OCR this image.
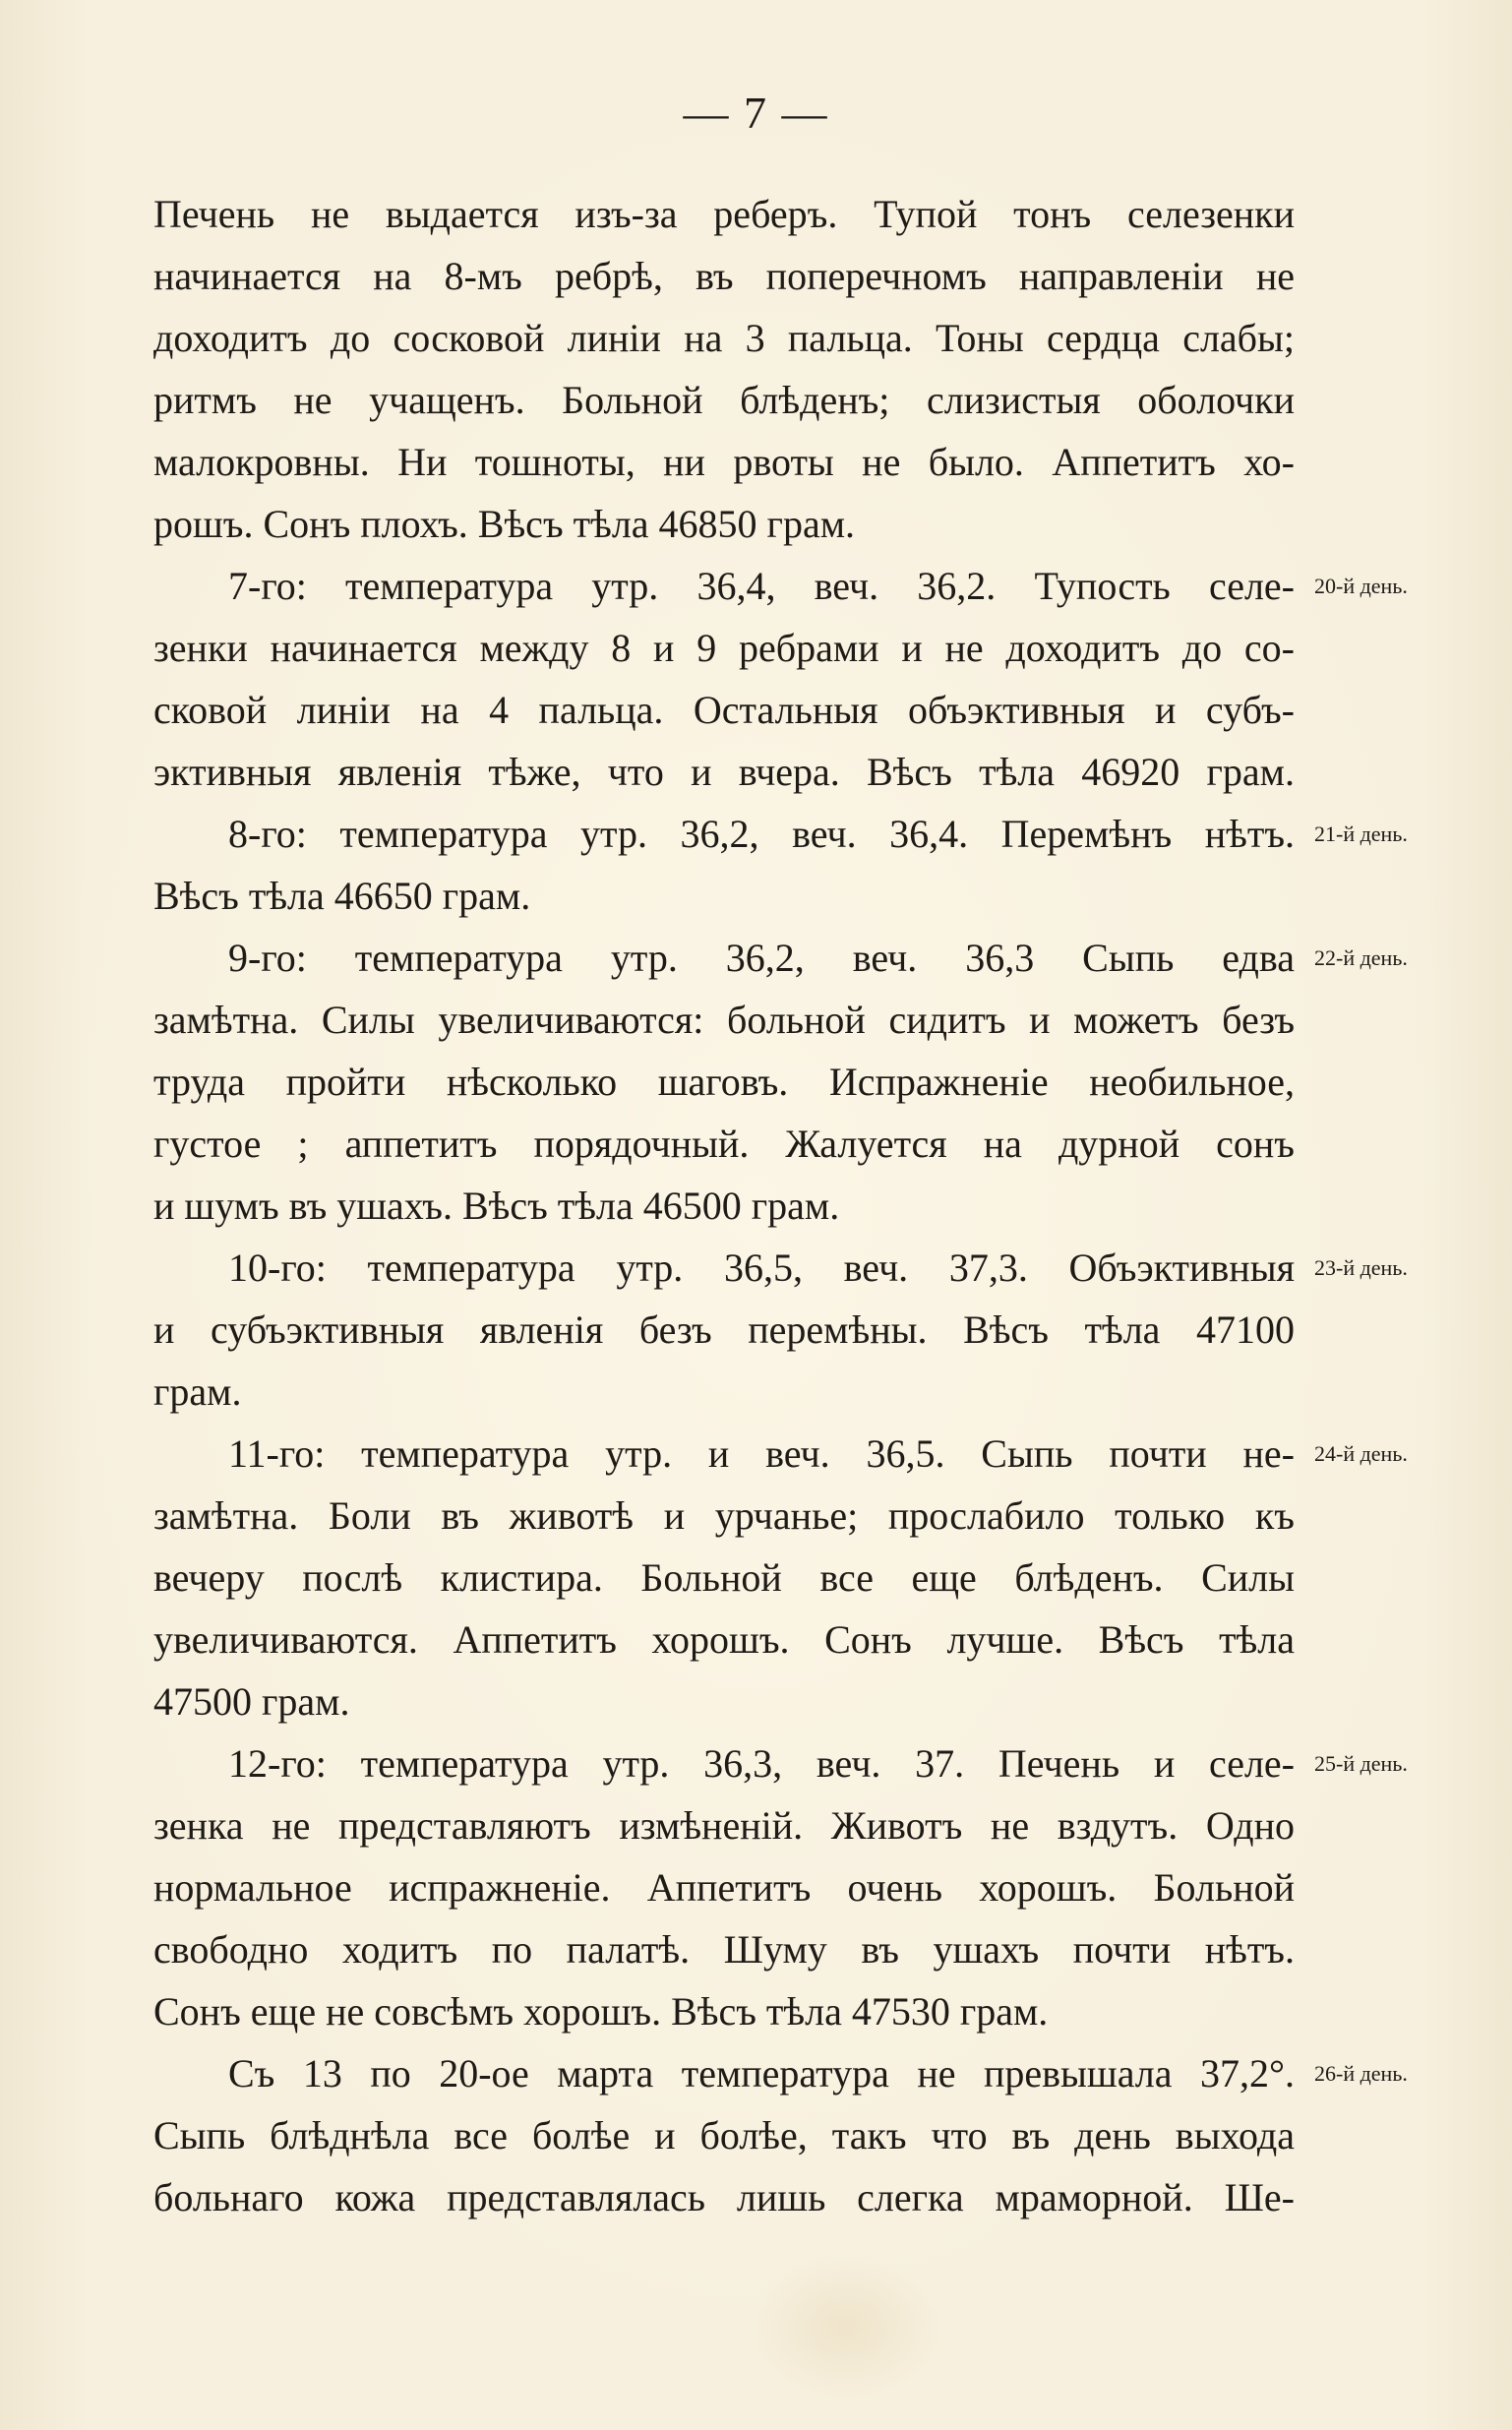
— 7 —
Печень не выдается изъ-за реберъ. Тупой тонъ селезенки
начинается на 8-мъ ребрѣ, въ поперечномъ направленіи не
доходитъ до сосковой линіи на 3 пальца. Тоны сердца слабы;
ритмъ не учащенъ. Больной блѣденъ; слизистыя оболочки
малокровны. Ни тошноты, ни рвоты не было. Аппетитъ хо-
рошъ. Сонъ плохъ. Вѣсъ тѣла 46850 грам.
7-го: температура утр. 36,4, веч. 36,2. Тупость селе- 20-й день.
зенки начинается между 8 и 9 ребрами и не доходитъ до со-
сковой линіи на 4 пальца. Остальныя объэктивныя и субъ-
эктивныя явленія тѣже, что и вчера. Вѣсъ тѣла 46920 грам.
8-го: температура утр. 36,2, веч. 36,4. Перемѣнъ нѣтъ. 21-й день.
Вѣсъ тѣла 46650 грам.
9-го: температура утр. 36,2, веч. 36,3 Сыпь едва 22-й день.
замѣтна. Силы увеличиваются: больной сидитъ и можетъ безъ
труда пройти нѣсколько шаговъ. Испражненіе необильное,
густое ; аппетитъ порядочный. Жалуется на дурной сонъ
и шумъ въ ушахъ. Вѣсъ тѣла 46500 грам.
10-го: температура утр. 36,5, веч. 37,3. Объэктивныя 23-й день.
и субъэктивныя явленія безъ перемѣны. Вѣсъ тѣла 47100
грам.
11-го: температура утр. и веч. 36,5. Сыпь почти не- 24-й день.
замѣтна. Боли въ животѣ и урчанье; прослабило только къ
вечеру послѣ клистира. Больной все еще блѣденъ. Силы
увеличиваются. Аппетитъ хорошъ. Сонъ лучше. Вѣсъ тѣла
47500 грам.
12-го: температура утр. 36,3, веч. 37. Печень и селе- 25-й день.
зенка не представляютъ измѣненій. Животъ не вздутъ. Одно
нормальное испражненіе. Аппетитъ очень хорошъ. Больной
свободно ходитъ по палатѣ. Шуму въ ушахъ почти нѣтъ.
Сонъ еще не совсѣмъ хорошъ. Вѣсъ тѣла 47530 грам.
Съ 13 по 20-ое марта температура не превышала 37,2°. 26-й день.
Сыпь блѣднѣла все болѣе и болѣе, такъ что въ день выхода
больнаго кожа представлялась лишь слегка мраморной. Ше-
